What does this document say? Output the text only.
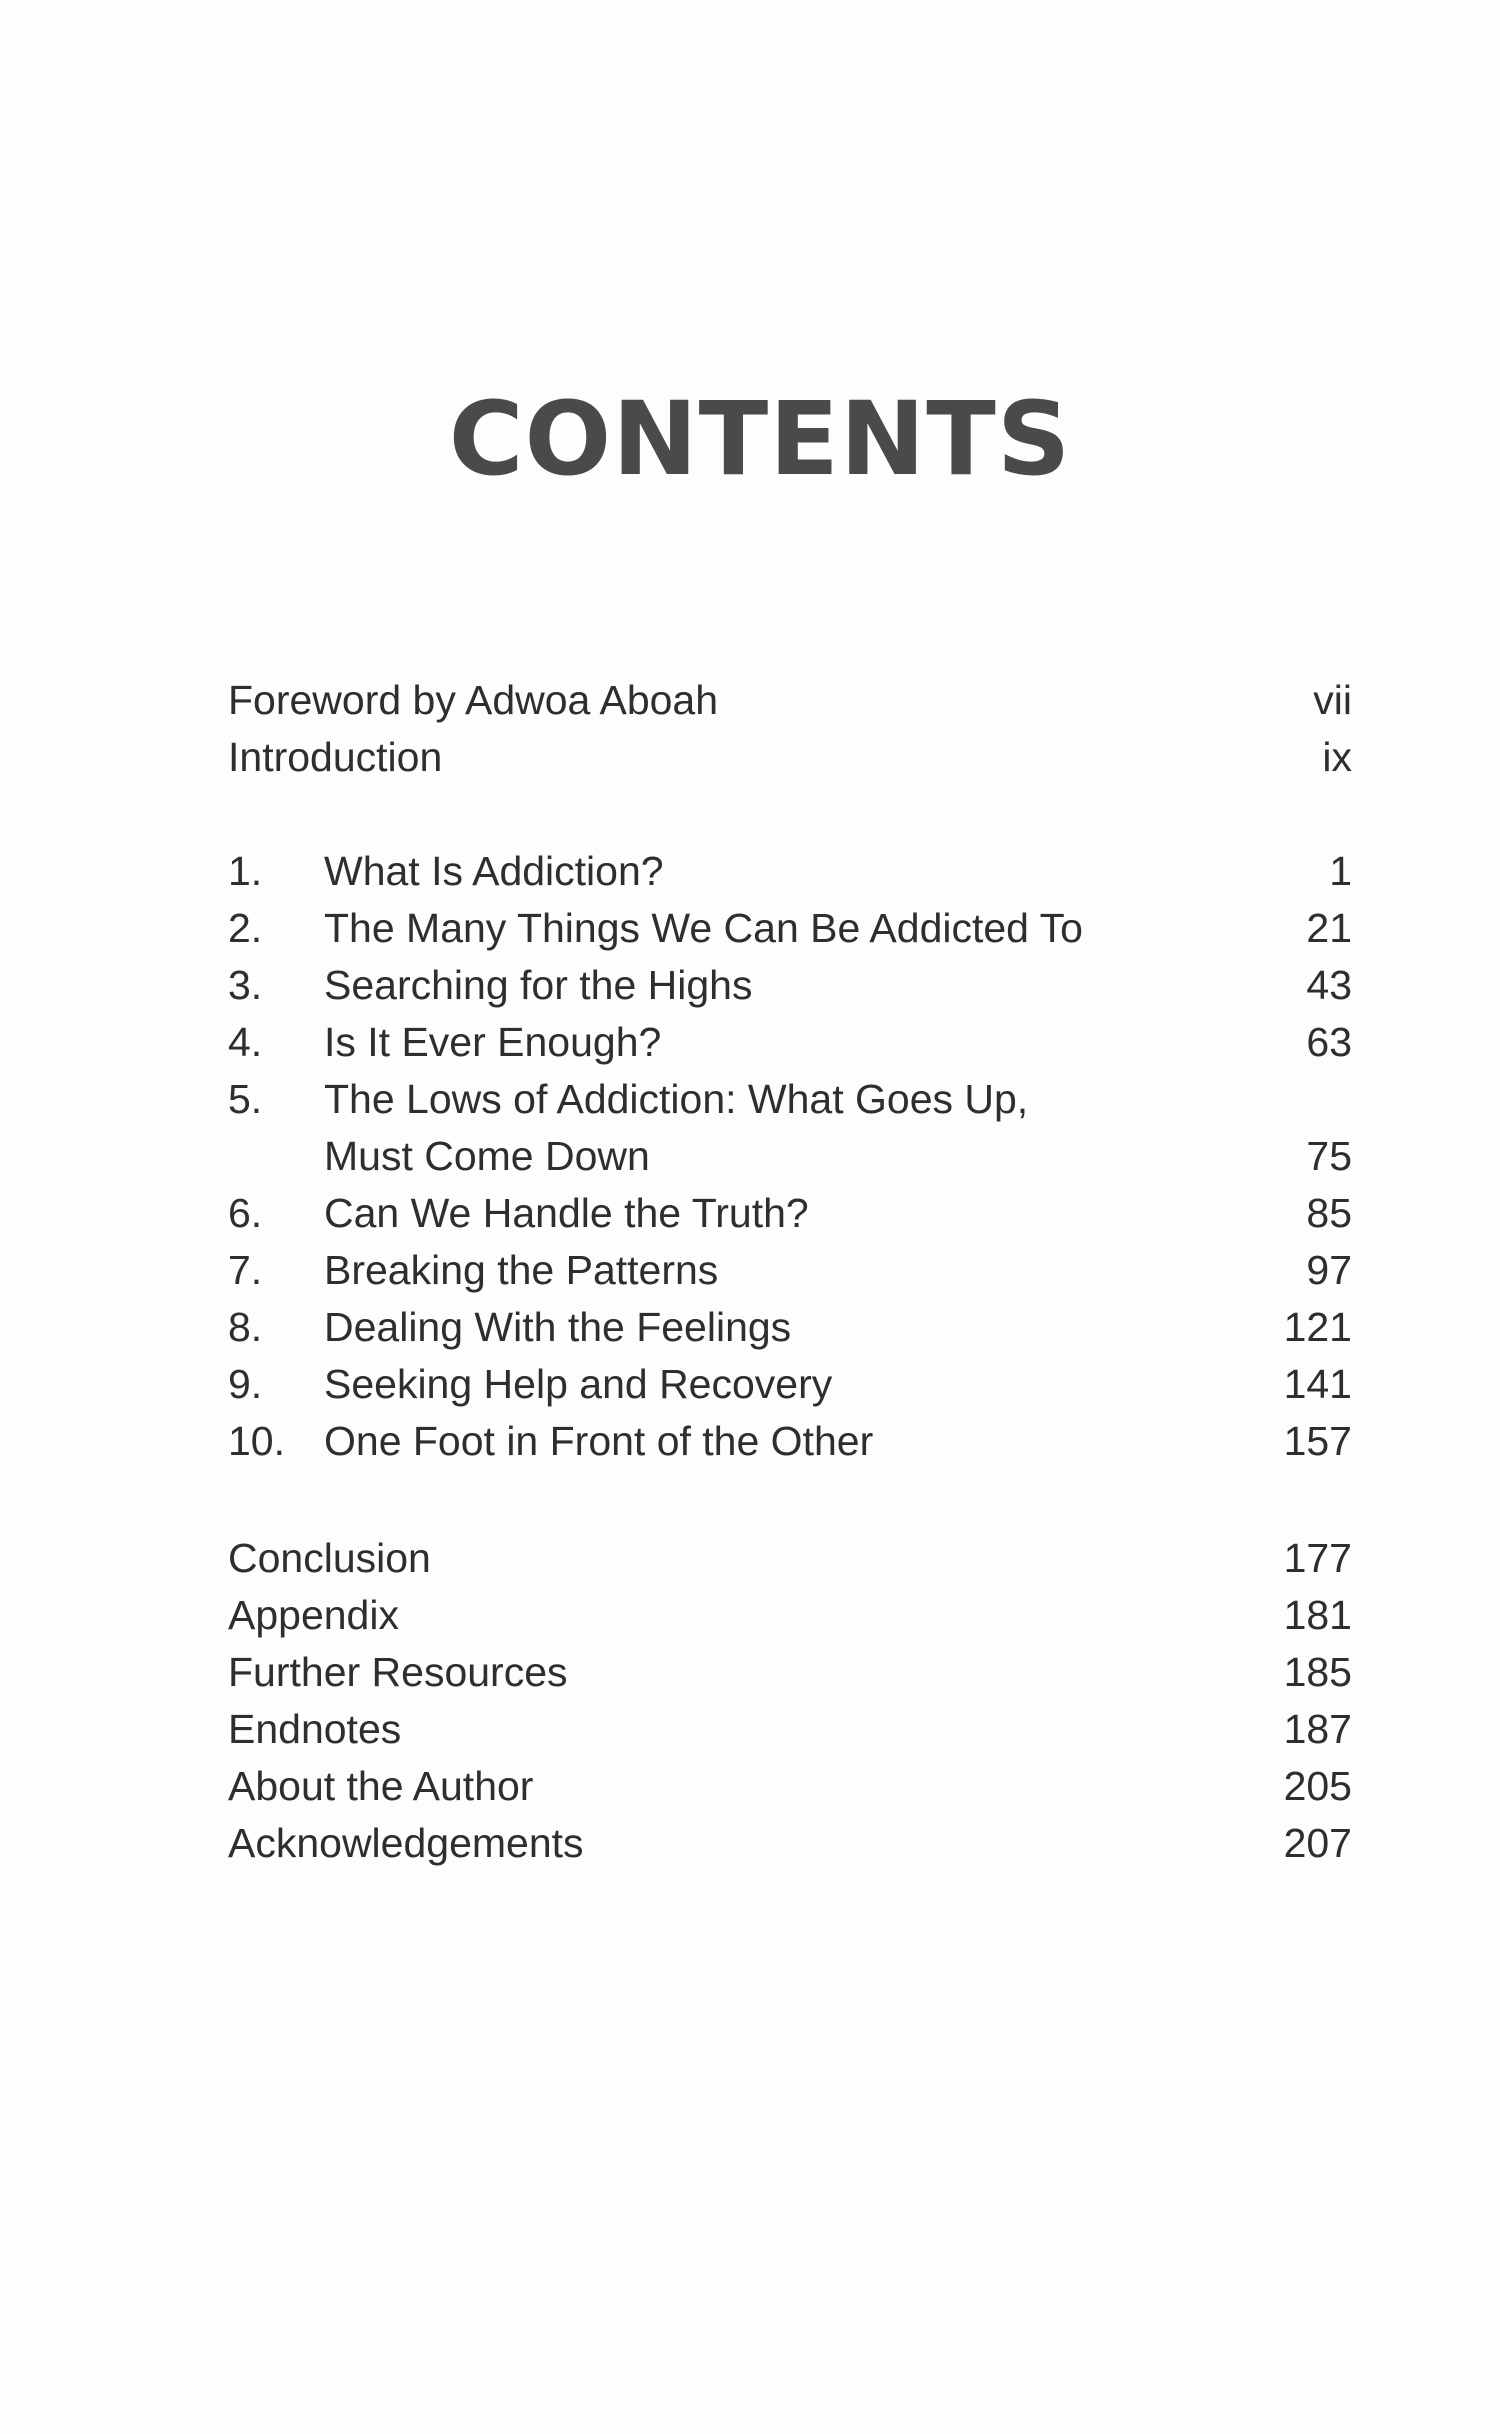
CONTENTS
Foreword by Adwoa Aboah	vii
Introduction	ix
1. What Is Addiction?	1
2. The Many Things We Can Be Addicted To	21
3. Searching for the Highs	43
4. Is It Ever Enough?	63
5. The Lows of Addiction: What Goes Up,
Must Come Down	75
6. Can We Handle the Truth?	85
7. Breaking the Patterns	97
8. Dealing With the Feelings	121
9. Seeking Help and Recovery	141
10. One Foot in Front of the Other	157
Conclusion	177
Appendix	181
Further Resources	185
Endnotes	187
About the Author	205
Acknowledgements	207
